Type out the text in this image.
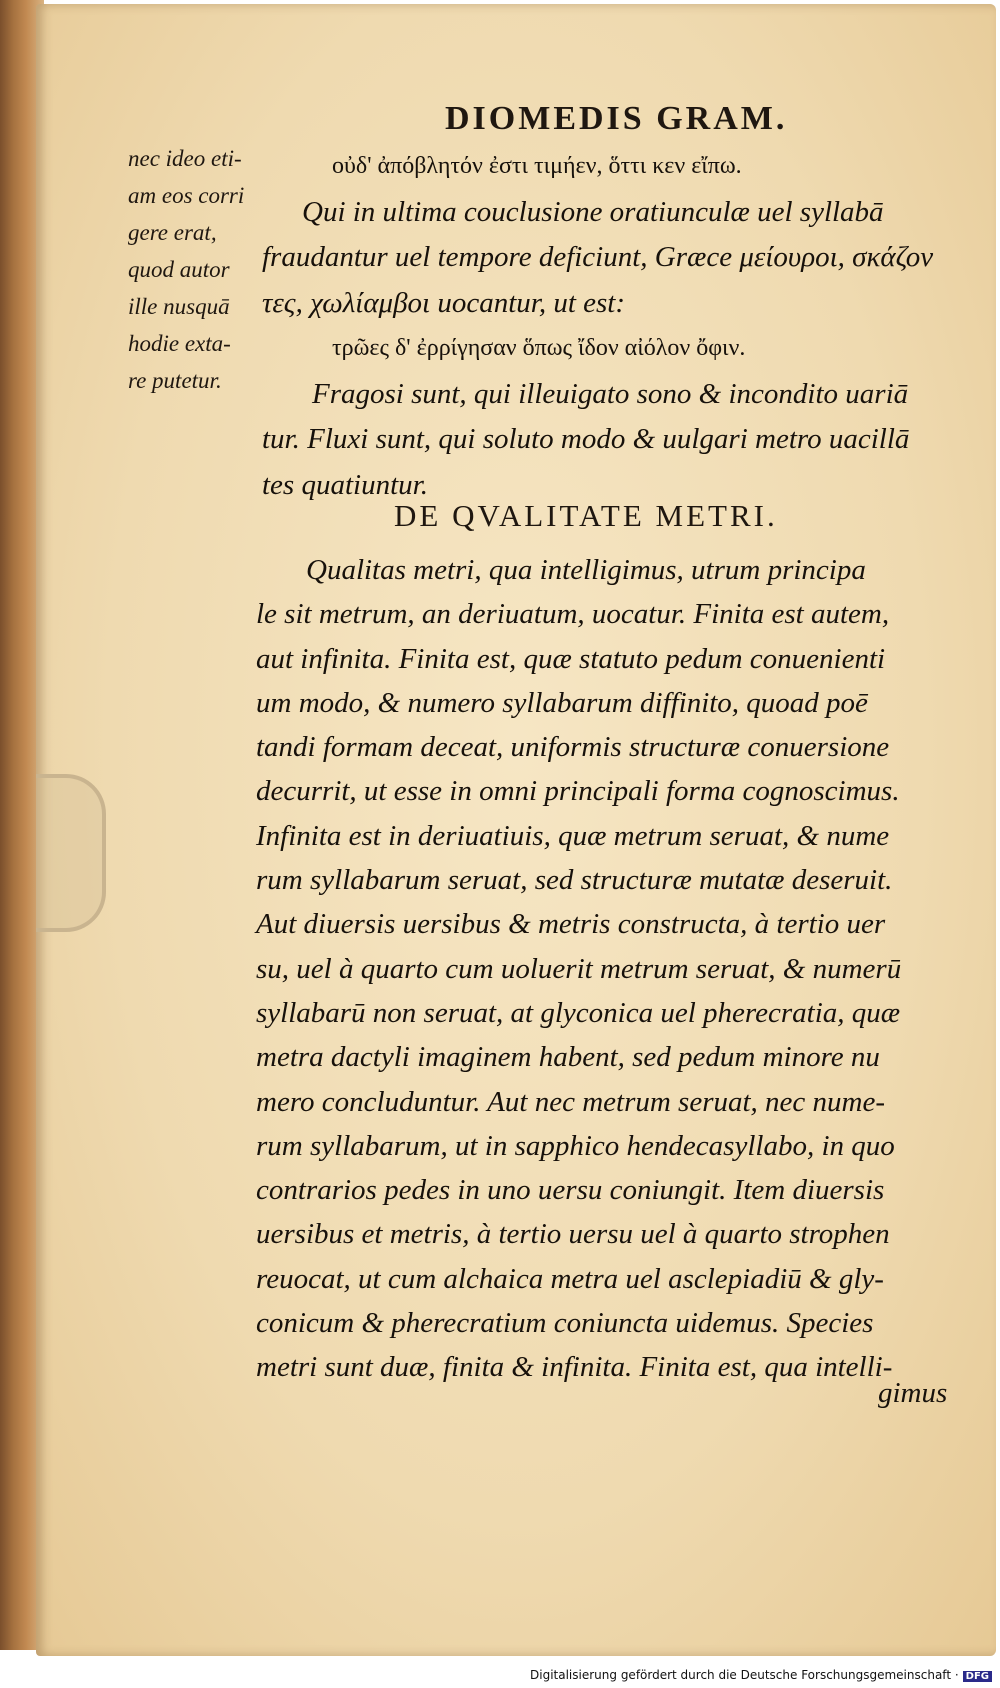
DIOMEDIS GRAM.
nec ideo eti-
am eos corri
gere erat,
quod autor
ille nusquā
hodie exta-
re putetur.
οὐδ' ἀπόβλητόν ἐστι τιμήεν, ὅττι κεν εἴπω.
Qui in ultima couclusione oratiunculæ uel syllabā
fraudantur uel tempore deficiunt, Græce μείουροι, σκάζον
τες, χωλίαμβοι uocantur, ut est:
τρῶες δ' ἐρρίγησαν ὅπως ἴδον αἰόλον ὄφιν.
Fragosi sunt, qui illeuigato sono & incondito uariā
tur. Fluxi sunt, qui soluto modo & uulgari metro uacillā
tes quatiuntur.
DE QVALITATE METRI.
Qualitas metri, qua intelligimus, utrum principa
le sit metrum, an deriuatum, uocatur. Finita est autem,
aut infinita. Finita est, quæ statuto pedum conuenienti
um modo, & numero syllabarum diffinito, quoad poē
tandi formam deceat, uniformis structuræ conuersione
decurrit, ut esse in omni principali forma cognoscimus.
Infinita est in deriuatiuis, quæ metrum seruat, & nume
rum syllabarum seruat, sed structuræ mutatæ deseruit.
Aut diuersis uersibus & metris constructa, à tertio uer
su, uel à quarto cum uoluerit metrum seruat, & numerū
syllabarū non seruat, at glyconica uel pherecratia, quæ
metra dactyli imaginem habent, sed pedum minore nu
mero concluduntur. Aut nec metrum seruat, nec nume-
rum syllabarum, ut in sapphico hendecasyllabo, in quo
contrarios pedes in uno uersu coniungit. Item diuersis
uersibus et metris, à tertio uersu uel à quarto strophen
reuocat, ut cum alchaica metra uel asclepiadiū & gly-
conicum & pherecratium coniuncta uidemus. Species
metri sunt duæ, finita & infinita. Finita est, qua intelli-
gimus
Digitalisierung gefördert durch die Deutsche Forschungsgemeinschaft · DFG
